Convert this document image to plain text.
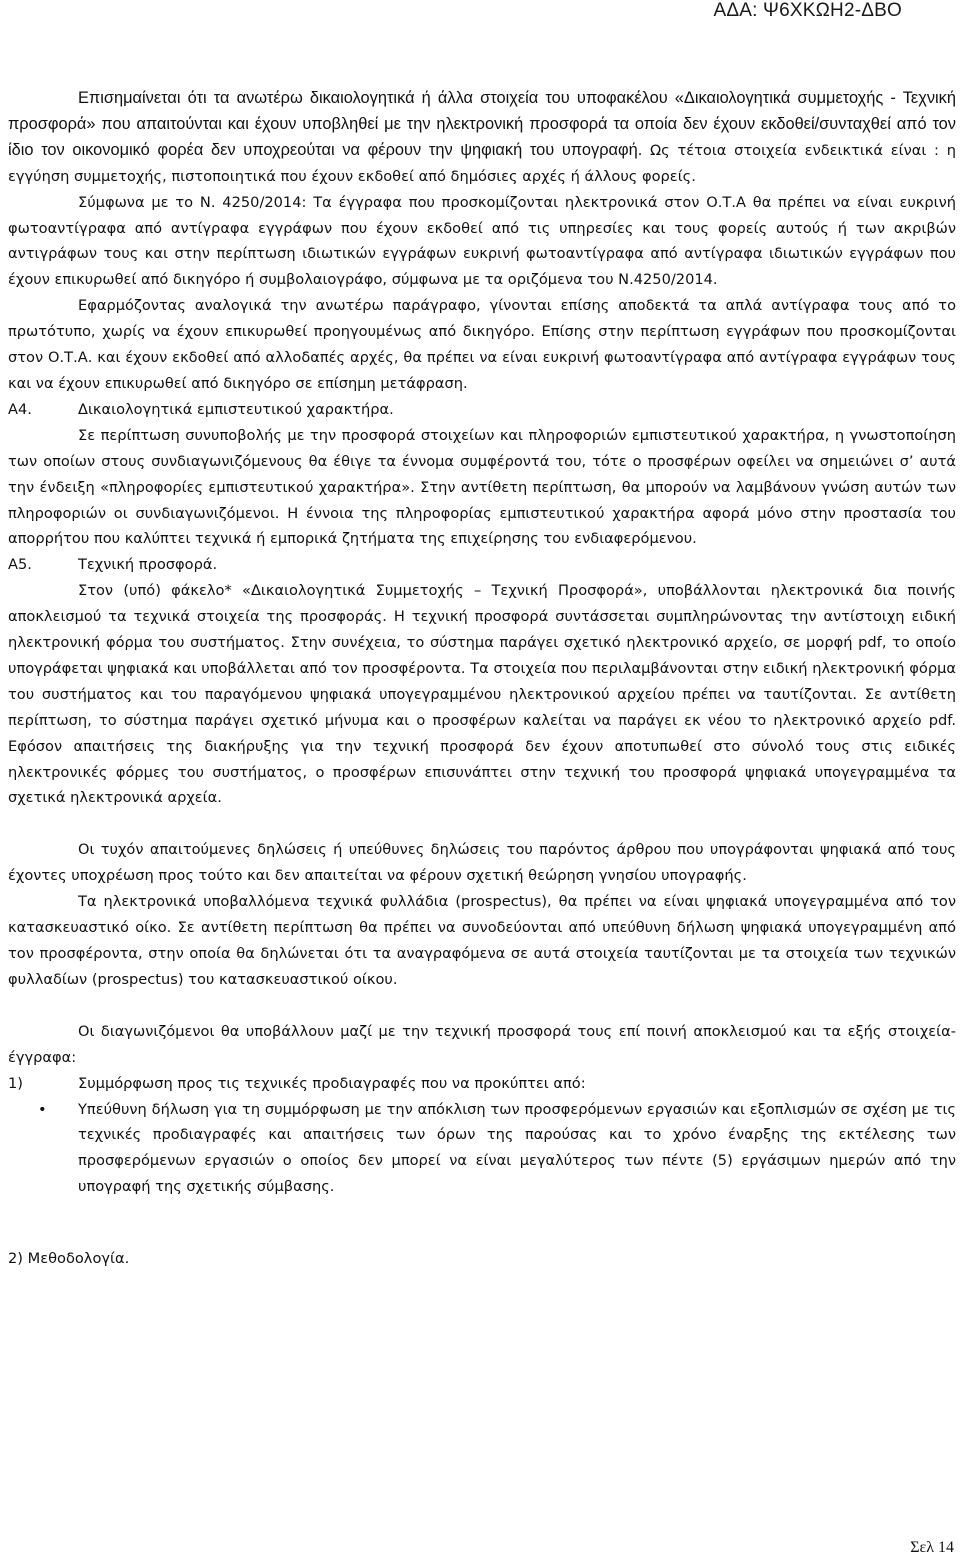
ΑΔΑ: Ψ6ΧΚΩΗ2-ΔΒΟ

Επισημαίνεται ότι τα ανωτέρω δικαιολογητικά ή άλλα στοιχεία του υποφακέλου «Δικαιολογητικά συμμετοχής - Τεχνική προσφορά» που απαιτούνται και έχουν υποβληθεί με την ηλεκτρονική προσφορά τα οποία δεν έχουν εκδοθεί/συνταχθεί από τον ίδιο τον οικονομικό φορέα δεν υποχρεούται να φέρουν την ψηφιακή του υπογραφή. Ως τέτοια στοιχεία ενδεικτικά είναι : η εγγύηση συμμετοχής, πιστοποιητικά που έχουν εκδοθεί από δημόσιες αρχές ή άλλους φορείς.

Σύμφωνα με το Ν. 4250/2014: Τα έγγραφα που προσκομίζονται ηλεκτρονικά στον Ο.Τ.Α θα πρέπει να είναι ευκρινή φωτοαντίγραφα από αντίγραφα εγγράφων που έχουν εκδοθεί από τις υπηρεσίες και τους φορείς αυτούς ή των ακριβών αντιγράφων τους και στην περίπτωση ιδιωτικών εγγράφων ευκρινή φωτοαντίγραφα από αντίγραφα ιδιωτικών εγγράφων που έχουν επικυρωθεί από δικηγόρο ή συμβολαιογράφο, σύμφωνα με τα οριζόμενα του Ν.4250/2014.

Εφαρμόζοντας αναλογικά την ανωτέρω παράγραφο, γίνονται επίσης αποδεκτά τα απλά αντίγραφα τους από το πρωτότυπο, χωρίς να έχουν επικυρωθεί προηγουμένως από δικηγόρο. Επίσης στην περίπτωση εγγράφων που προσκομίζονται στον Ο.Τ.Α. και έχουν εκδοθεί από αλλοδαπές αρχές, θα πρέπει να είναι ευκρινή φωτοαντίγραφα από αντίγραφα εγγράφων τους και να έχουν επικυρωθεί από δικηγόρο σε επίσημη μετάφραση.

Α4.	Δικαιολογητικά εμπιστευτικού χαρακτήρα.

Σε περίπτωση συνυποβολής με την προσφορά στοιχείων και πληροφοριών εμπιστευτικού χαρακτήρα, η γνωστοποίηση των οποίων στους συνδιαγωνιζόμενους θα έθιγε τα έννομα συμφέροντά του, τότε ο προσφέρων οφείλει να σημειώνει σ’ αυτά την ένδειξη «πληροφορίες εμπιστευτικού χαρακτήρα». Στην αντίθετη περίπτωση, θα μπορούν να λαμβάνουν γνώση αυτών των πληροφοριών οι συνδιαγωνιζόμενοι. Η έννοια της πληροφορίας εμπιστευτικού χαρακτήρα αφορά μόνο στην προστασία του απορρήτου που καλύπτει τεχνικά ή εμπορικά ζητήματα της επιχείρησης του ενδιαφερόμενου.

Α5.	Τεχνική προσφορά.

Στον (υπό) φάκελο* «Δικαιολογητικά Συμμετοχής – Τεχνική Προσφορά», υποβάλλονται ηλεκτρονικά δια ποινής αποκλεισμού τα τεχνικά στοιχεία της προσφοράς. Η τεχνική προσφορά συντάσσεται συμπληρώνοντας την αντίστοιχη ειδική ηλεκτρονική φόρμα του συστήματος. Στην συνέχεια, το σύστημα παράγει σχετικό ηλεκτρονικό αρχείο, σε μορφή pdf, το οποίο υπογράφεται ψηφιακά και υποβάλλεται από τον προσφέροντα. Τα στοιχεία που περιλαμβάνονται στην ειδική ηλεκτρονική φόρμα του συστήματος και του παραγόμενου ψηφιακά υπογεγραμμένου ηλεκτρονικού αρχείου πρέπει να ταυτίζονται. Σε αντίθετη περίπτωση, το σύστημα παράγει σχετικό μήνυμα και ο προσφέρων καλείται να παράγει εκ νέου το ηλεκτρονικό αρχείο pdf. Εφόσον απαιτήσεις της διακήρυξης για την τεχνική προσφορά δεν έχουν αποτυπωθεί στο σύνολό τους στις ειδικές ηλεκτρονικές φόρμες του συστήματος, ο προσφέρων επισυνάπτει στην τεχνική του προσφορά ψηφιακά υπογεγραμμένα τα σχετικά ηλεκτρονικά αρχεία.

Οι τυχόν απαιτούμενες δηλώσεις ή υπεύθυνες δηλώσεις του παρόντος άρθρου που υπογράφονται ψηφιακά από τους έχοντες υποχρέωση προς τούτο και δεν απαιτείται να φέρουν σχετική θεώρηση γνησίου υπογραφής.

Τα ηλεκτρονικά υποβαλλόμενα τεχνικά φυλλάδια (prospectus), θα πρέπει να είναι ψηφιακά υπογεγραμμένα από τον κατασκευαστικό οίκο. Σε αντίθετη περίπτωση θα πρέπει να συνοδεύονται από υπεύθυνη δήλωση ψηφιακά υπογεγραμμένη από τον προσφέροντα, στην οποία θα δηλώνεται ότι τα αναγραφόμενα σε αυτά στοιχεία ταυτίζονται με τα στοιχεία των τεχνικών φυλλαδίων (prospectus) του κατασκευαστικού οίκου.

Οι διαγωνιζόμενοι θα υποβάλλουν μαζί με την τεχνική προσφορά τους επί ποινή αποκλεισμού και τα εξής στοιχεία- έγγραφα:

1)	Συμμόρφωση προς τις τεχνικές προδιαγραφές που να προκύπτει από:
•	Υπεύθυνη δήλωση για τη συμμόρφωση με την απόκλιση των προσφερόμενων εργασιών και εξοπλισμών σε σχέση με τις τεχνικές προδιαγραφές και απαιτήσεις των όρων της παρούσας και το χρόνο έναρξης της εκτέλεσης των προσφερόμενων εργασιών ο οποίος δεν μπορεί να είναι μεγαλύτερος των πέντε (5) εργάσιμων ημερών από την υπογραφή της σχετικής σύμβασης.

2) Μεθοδολογία.

Σελ 14
